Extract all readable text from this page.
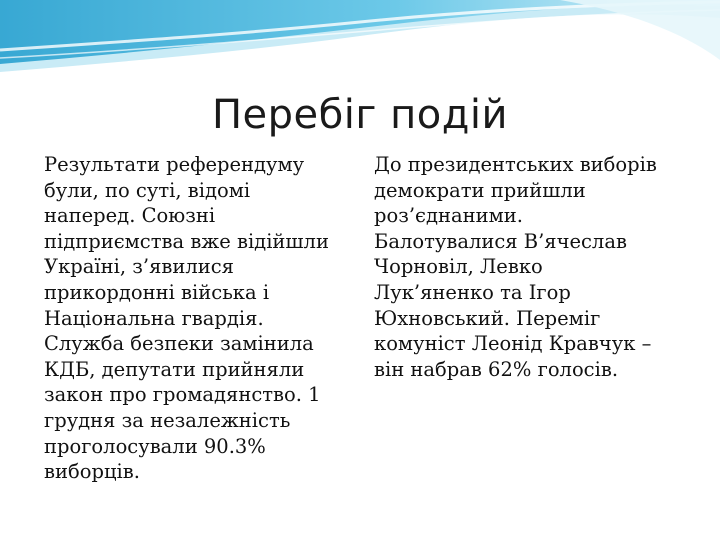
Перебіг подій

Результати референдуму
були, по суті, відомі
наперед. Союзні
підприємства вже відійшли
Україні, з’явилися
прикордонні війська і
Національна гвардія.
Служба безпеки замінила
КДБ, депутати прийняли
закон про громадянство. 1
грудня за незалежність
проголосували 90.3%
виборців.

До президентських виборів
демократи прийшли
роз’єднаними.
Балотувалися В’ячеслав
Чорновіл, Левко
Лук’яненко та Ігор
Юхновський. Переміг
комуніст Леонід Кравчук –
він набрав 62% голосів.
